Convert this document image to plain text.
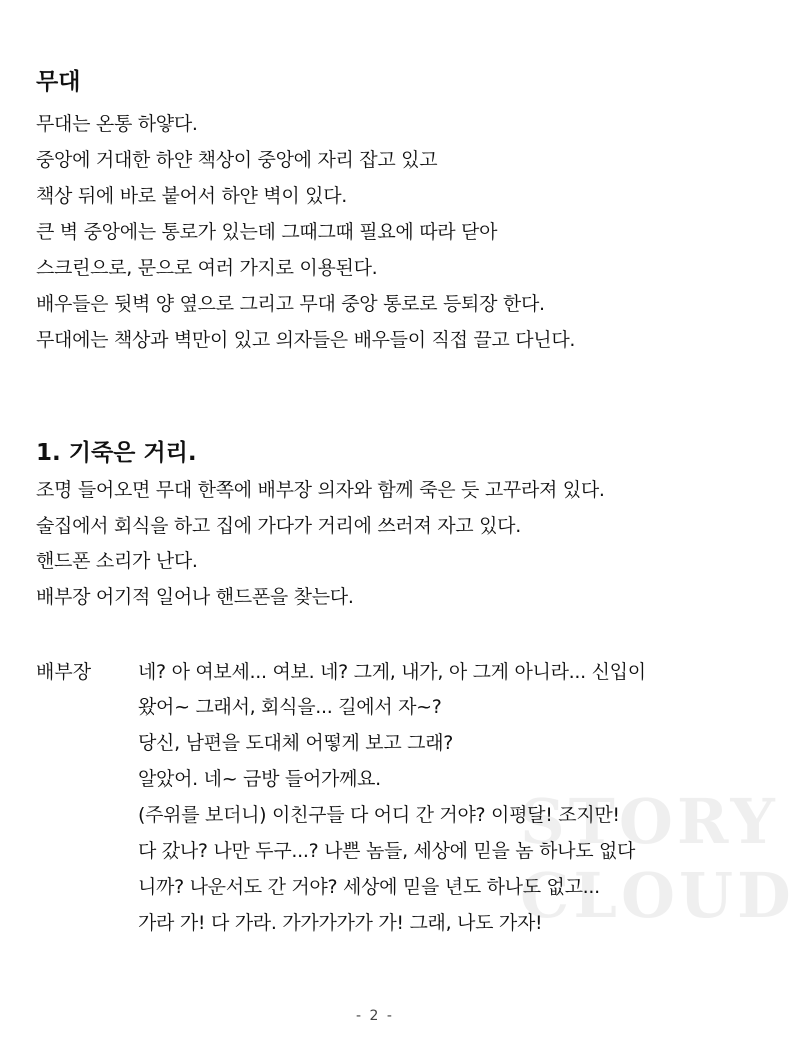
무대
무대는 온통 하얗다.
중앙에 거대한 하얀 책상이 중앙에 자리 잡고 있고
책상 뒤에 바로 붙어서 하얀 벽이 있다.
큰 벽 중앙에는 통로가 있는데 그때그때 필요에 따라 닫아
스크린으로, 문으로 여러 가지로 이용된다.
배우들은 뒷벽 양 옆으로 그리고 무대 중앙 통로로 등퇴장 한다.
무대에는 책상과 벽만이 있고 의자들은 배우들이 직접 끌고 다닌다.
1. 기죽은 거리.
조명 들어오면 무대 한쪽에 배부장 의자와 함께 죽은 듯 고꾸라져 있다.
술집에서 회식을 하고 집에 가다가 거리에 쓰러져 자고 있다.
핸드폰 소리가 난다.
배부장 어기적 일어나 핸드폰을 찾는다.
배부장 네? 아 여보세... 여보. 네? 그게, 내가, 아 그게 아니라... 신입이
왔어~ 그래서, 회식을... 길에서 자~?
당신, 남편을 도대체 어떻게 보고 그래?
알았어. 네~ 금방 들어가께요.
(주위를 보더니) 이친구들 다 어디 간 거야? 이평달! 조지만!
다 갔나? 나만 두구...? 나쁜 놈들, 세상에 믿을 놈 하나도 없다
니까? 나운서도 간 거야? 세상에 믿을 년도 하나도 없고...
가라 가! 다 가라. 가가가가가 가! 그래, 나도 가자!
STORY
CLOUD
- 2 -
